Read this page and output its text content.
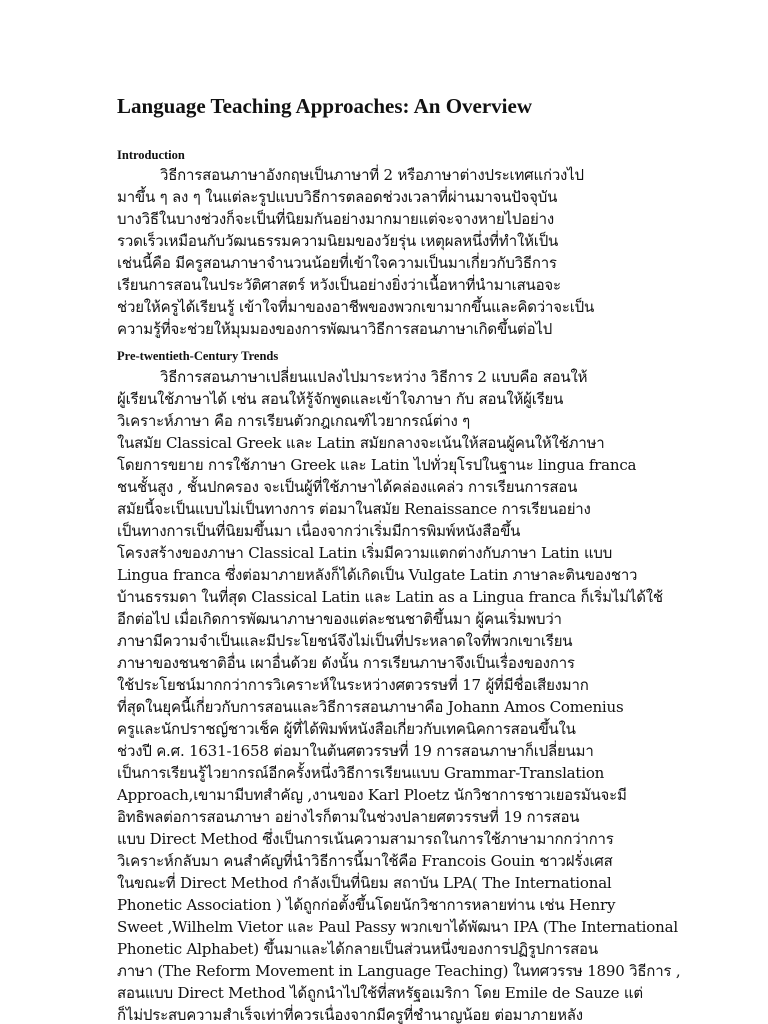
Language Teaching Approaches: An Overview
Introduction

วิธีการสอนภาษาอังกฤษเป็นภาษาที่ 2 หรือภาษาต่างประเทศแก่วงไป

มาขึ้น ๆ ลง ๆ ในแต่ละรูปแบบวิธีการตลอดช่วงเวลาที่ผ่านมาจนปัจจุบัน

บางวิธีในบางช่วงก็จะเป็นที่นิยมกันอย่างมากมายแต่จะจางหายไปอย่าง

รวดเร็วเหมือนกับวัฒนธรรมความนิยมของวัยรุ่น เหตุผลหนึ่งที่ทำให้เป็น

เช่นนี้คือ มีครูสอนภาษาจำนวนน้อยที่เข้าใจความเป็นมาเกี่ยวกับวิธีการ

เรียนการสอนในประวัติศาสตร์ หวังเป็นอย่างยิ่งว่าเนื้อหาที่นำมาเสนอจะ

ช่วยให้ครูได้เรียนรู้ เข้าใจที่มาของอาชีพของพวกเขามากขึ้นและคิดว่าจะเป็น

ความรู้ที่จะช่วยให้มุมมองของการพัฒนาวิธีการสอนภาษาเกิดขึ้นต่อไป

Pre-twentieth-Century Trends

วิธีการสอนภาษาเปลี่ยนแปลงไปมาระหว่าง วิธีการ 2 แบบคือ สอนให้

ผู้เรียนใช้ภาษาได้ เช่น สอนให้รู้จักพูดและเข้าใจภาษา กับ สอนให้ผู้เรียน

วิเคราะห์ภาษา คือ การเรียนตัวกฎเกณฑ์ไวยากรณ์ต่าง ๆ

ในสมัย Classical Greek และ Latin สมัยกลางจะเน้นให้สอนผู้คนให้ใช้ภาษา

โดยการขยาย การใช้ภาษา Greek และ Latin ไปทั่วยุโรปในฐานะ lingua franca

ชนชั้นสูง , ชั้นปกครอง จะเป็นผู้ที่ใช้ภาษาได้คล่องแคล่ว การเรียนการสอน

สมัยนี้จะเป็นแบบไม่เป็นทางการ ต่อมาในสมัย Renaissance การเรียนอย่าง

เป็นทางการเป็นที่นิยมขึ้นมา เนื่องจากว่าเริ่มมีการพิมพ์หนังสือขึ้น

โครงสร้างของภาษา Classical Latin เริ่มมีความแตกต่างกับภาษา Latin แบบ

Lingua franca ซึ่งต่อมาภายหลังก็ได้เกิดเป็น Vulgate Latin ภาษาละตินของชาว

บ้านธรรมดา ในที่สุด Classical Latin และ Latin as a Lingua franca ก็เริ่มไม่ได้ใช้

อีกต่อไป เมื่อเกิดการพัฒนาภาษาของแต่ละชนชาติขึ้นมา ผู้คนเริ่มพบว่า

ภาษามีความจำเป็นและมีประโยชน์จึงไม่เป็นที่ประหลาดใจที่พวกเขาเรียน

ภาษาของชนชาติอื่น เผาอื่นด้วย ดังนั้น การเรียนภาษาจึงเป็นเรื่องของการ

ใช้ประโยชน์มากกว่าการวิเคราะห์ในระหว่างศตวรรษที่ 17 ผู้ที่มีชื่อเสียงมาก

ที่สุดในยุคนี้เกี่ยวกับการสอนและวิธีการสอนภาษาคือ Johann Amos Comenius

ครูและนักปราชญ์ชาวเช็ค ผู้ที่ได้พิมพ์หนังสือเกี่ยวกับเทคนิคการสอนขึ้นใน

ช่วงปี ค.ศ. 1631-1658 ต่อมาในต้นศตวรรษที่ 19 การสอนภาษาก็เปลี่ยนมา

เป็นการเรียนรู้ไวยากรณ์อีกครั้งหนึ่งวิธีการเรียนแบบ Grammar-Translation

Approach,เขามามีบทสำคัญ ,งานของ Karl Ploetz นักวิชาการชาวเยอรมันจะมี

อิทธิพลต่อการสอนภาษา อย่างไรก็ตามในช่วงปลายศตวรรษที่ 19 การสอน

แบบ Direct Method ซึ่งเป็นการเน้นความสามารถในการใช้ภาษามากกว่าการ

วิเคราะห์กลับมา คนสำคัญที่นำวิธีการนี้มาใช้คือ Francois Gouin ชาวฝรั่งเศส

ในขณะที่ Direct Method กำลังเป็นที่นิยม สถาบัน LPA( The International

Phonetic Association ) ได้ถูกก่อตั้งขึ้นโดยนักวิชาการหลายท่าน เช่น Henry

Sweet ,Wilhelm Vietor และ Paul Passy พวกเขาได้พัฒนา IPA (The International

Phonetic Alphabet) ขึ้นมาและได้กลายเป็นส่วนหนึ่งของการปฏิรูปการสอน

ภาษา (The Reform Movement in Language Teaching) ในทศวรรษ 1890 วิธีการ ,

สอนแบบ Direct Method ได้ถูกนำไปใช้ที่สหรัฐอเมริกา โดย Emile de Sauze แต่

ก็ไม่ประสบความสำเร็จเท่าที่ควรเนื่องจากมีครูที่ชำนาญน้อย ต่อมาภายหลัง
